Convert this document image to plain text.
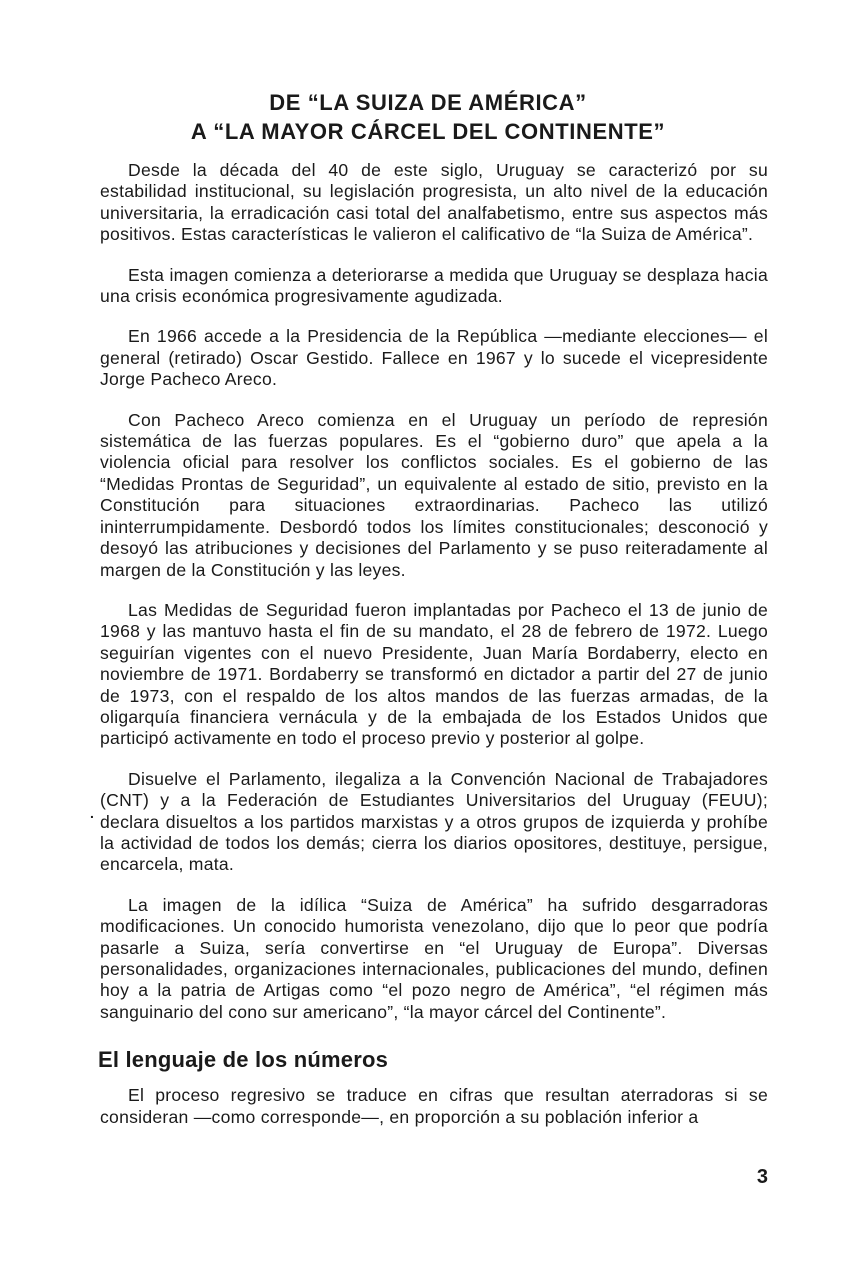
DE “LA SUIZA DE AMÉRICA”
A “LA MAYOR CÁRCEL DEL CONTINENTE”
.

Desde la década del 40 de este siglo, Uruguay se caracterizó por su estabilidad institucional, su legislación progresista, un alto nivel de la educación universitaria, la erradicación casi total del analfabetismo, entre sus aspectos más positivos. Estas características le valieron el calificativo de “la Suiza de América”.

Esta imagen comienza a deteriorarse a medida que Uruguay se desplaza hacia una crisis económica progresivamente agudizada.

En 1966 accede a la Presidencia de la República —mediante elecciones— el general (retirado) Oscar Gestido. Fallece en 1967 y lo sucede el vicepresidente Jorge Pacheco Areco.

Con Pacheco Areco comienza en el Uruguay un período de represión sistemática de las fuerzas populares. Es el “gobierno duro” que apela a la violencia oficial para resolver los conflictos sociales. Es el gobierno de las “Medidas Prontas de Seguridad”, un equivalente al estado de sitio, previsto en la Constitución para situaciones extraordinarias. Pacheco las utilizó ininterrumpidamente. Desbordó todos los límites constitucionales; desconoció y desoyó las atribuciones y decisiones del Parlamento y se puso reiteradamente al margen de la Constitución y las leyes.

Las Medidas de Seguridad fueron implantadas por Pacheco el 13 de junio de 1968 y las mantuvo hasta el fin de su mandato, el 28 de febrero de 1972. Luego seguirían vigentes con el nuevo Presidente, Juan María Bordaberry, electo en noviembre de 1971. Bordaberry se transformó en dictador a partir del 27 de junio de 1973, con el respaldo de los altos mandos de las fuerzas armadas, de la oligarquía financiera vernácula y de la embajada de los Estados Unidos que participó activamente en todo el proceso previo y posterior al golpe.

Disuelve el Parlamento, ilegaliza a la Convención Nacional de Trabajadores (CNT) y a la Federación de Estudiantes Universitarios del Uruguay (FEUU); declara disueltos a los partidos marxistas y a otros grupos de izquierda y prohíbe la actividad de todos los demás; cierra los diarios opositores, destituye, persigue, encarcela, mata.

La imagen de la idílica “Suiza de América” ha sufrido desgarradoras modificaciones. Un conocido humorista venezolano, dijo que lo peor que podría pasarle a Suiza, sería convertirse en “el Uruguay de Europa”. Diversas personalidades, organizaciones internacionales, publicaciones del mundo, definen hoy a la patria de Artigas como “el pozo negro de América”, “el régimen más sanguinario del cono sur americano”, “la mayor cárcel del Continente”.

El lenguaje de los números

El proceso regresivo se traduce en cifras que resultan aterradoras si se consideran —como corresponde—, en proporción a su población inferior a

3
